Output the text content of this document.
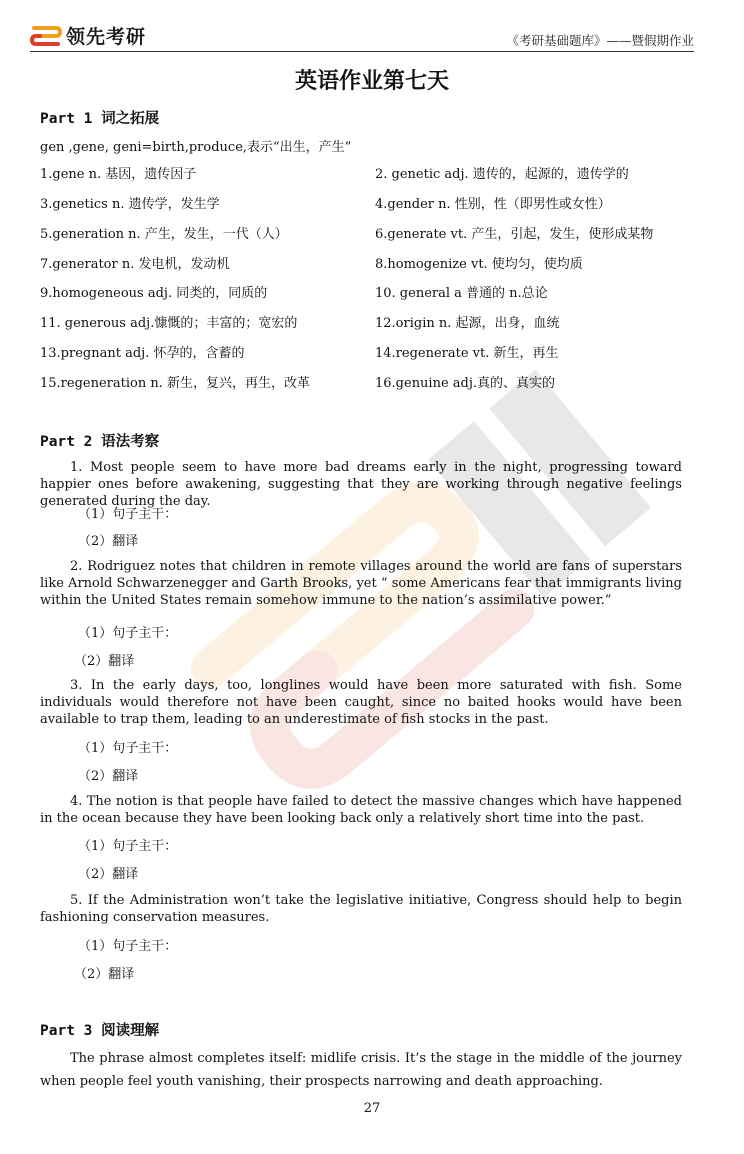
领先考研	《考研基础题库》——暨假期作业
英语作业第七天
Part 1 词之拓展
gen ,gene, geni=birth,produce,表示“出生，产生”
1.gene n. 基因，遗传因子	2. genetic adj. 遗传的，起源的，遗传学的
3.genetics n. 遗传学，发生学	4.gender n. 性别，性（即男性或女性）
5.generation n. 产生，发生，一代（人）	6.generate vt. 产生，引起，发生，使形成某物
7.generator n. 发电机，发动机	8.homogenize vt. 使均匀，使均质
9.homogeneous adj. 同类的，同质的	10. general a 普通的 n.总论
11. generous adj.慷慨的；丰富的；宽宏的	12.origin n. 起源，出身，血统
13.pregnant adj. 怀孕的，含蓄的	14.regenerate vt. 新生，再生
15.regeneration n. 新生，复兴，再生，改革	16.genuine adj.真的、真实的
Part 2 语法考察
1. Most people seem to have more bad dreams early in the night, progressing toward happier ones before awakening, suggesting that they are working through negative feelings generated during the day.
（1）句子主干：
（2）翻译
2. Rodriguez notes that children in remote villages around the world are fans of superstars like Arnold Schwarzenegger and Garth Brooks, yet “ some Americans fear that immigrants living within the United States remain somehow immune to the nation’s assimilative power.”
（1）句子主干：
（2）翻译
3. In the early days, too, longlines would have been more saturated with fish. Some individuals would therefore not have been caught, since no baited hooks would have been available to trap them, leading to an underestimate of fish stocks in the past.
（1）句子主干：
（2）翻译
4. The notion is that people have failed to detect the massive changes which have happened in the ocean because they have been looking back only a relatively short time into the past.
（1）句子主干：
（2）翻译
5. If the Administration won’t take the legislative initiative, Congress should help to begin fashioning conservation measures.
（1）句子主干：
（2）翻译
Part 3 阅读理解
The phrase almost completes itself: midlife crisis. It’s the stage in the middle of the journey when people feel youth vanishing, their prospects narrowing and death approaching.
27
